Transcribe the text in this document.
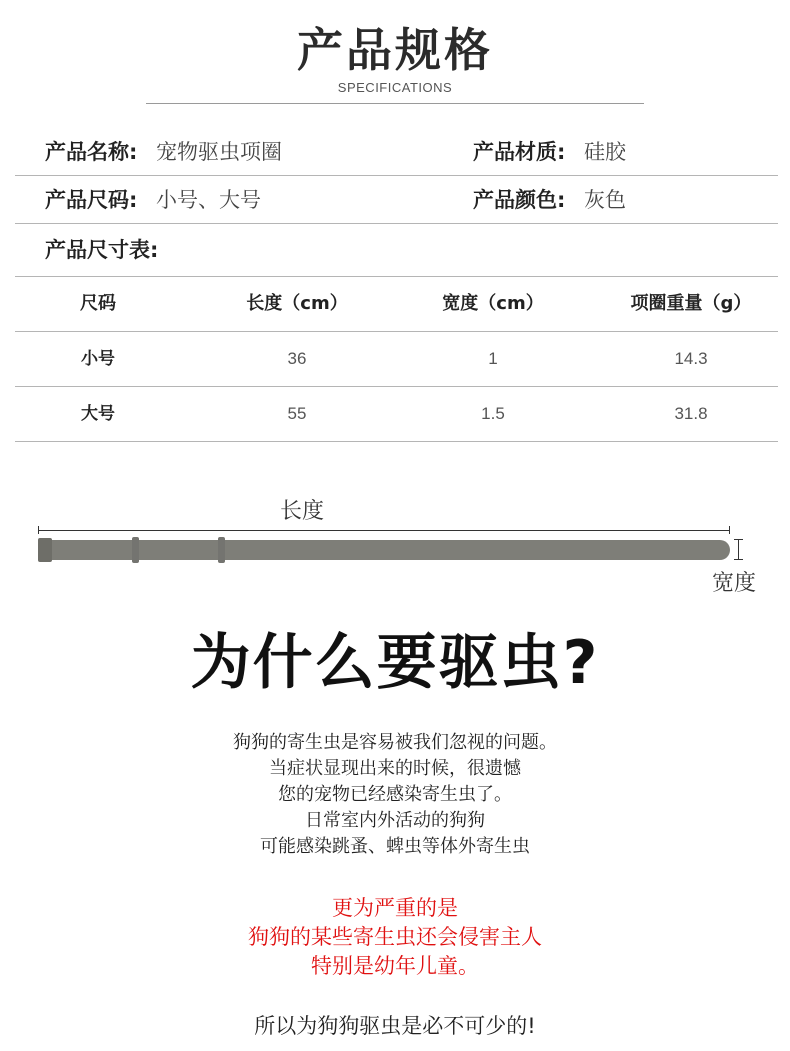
产品规格
SPECIFICATIONS
产品名称: 宠物驱虫项圈	产品材质: 硅胶
产品尺码: 小号、大号	产品颜色: 灰色
产品尺寸表:
尺码	长度（cm）	宽度（cm）	项圈重量（g）
小号	36	1	14.3
大号	55	1.5	31.8
长度
宽度
为什么要驱虫?
狗狗的寄生虫是容易被我们忽视的问题。
当症状显现出来的时候，很遗憾
您的宠物已经感染寄生虫了。
日常室内外活动的狗狗
可能感染跳蚤、蜱虫等体外寄生虫
更为严重的是
狗狗的某些寄生虫还会侵害主人
特别是幼年儿童。
所以为狗狗驱虫是必不可少的!
